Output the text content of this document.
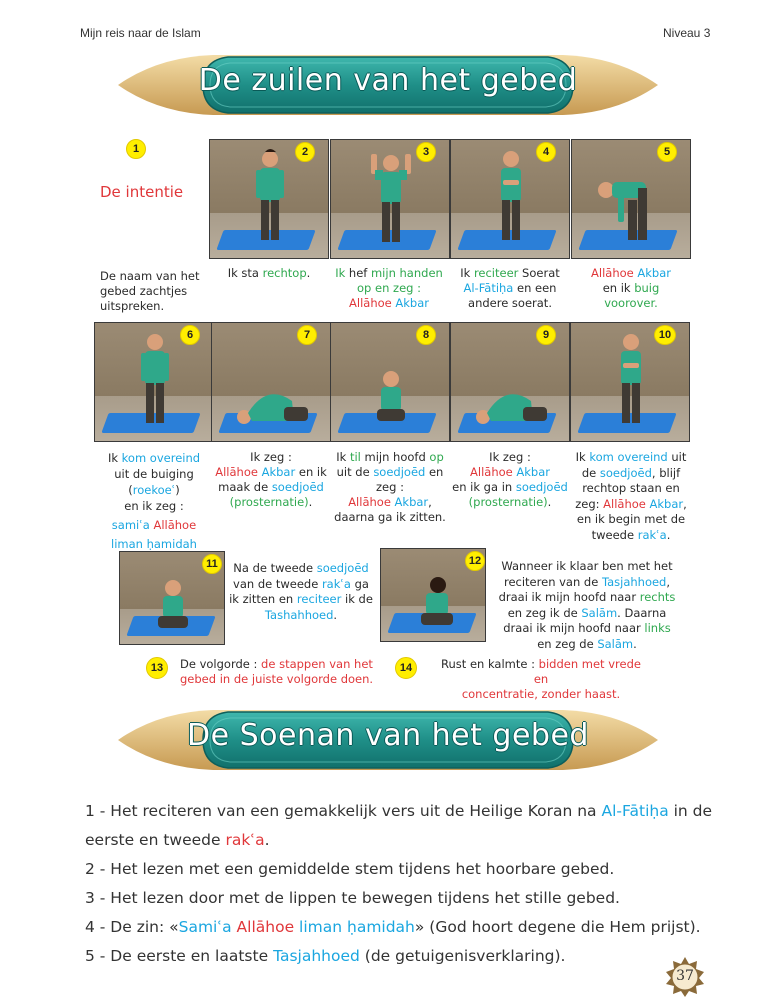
Mijn reis naar de Islam	Niveau 3
De zuilen van het gebed
1
De intentie
De naam van het
gebed zachtjes
uitspreken.
2	3	4	5
Ik sta rechtop.	Ik hef mijn handen
op en zeg :
Allāhoe Akbar
Ik reciteer Soerat
Al-Fātiḥa en een
andere soerat.
Allāhoe Akbar
en ik buig
voorover.
6	7	8	9	10
Ik kom overeind
uit de buiging
(roekoeʿ)
en ik zeg :
samiʿa Allāhoe
liman ḥamidah
Ik zeg :
Allāhoe Akbar en ik
maak de soedjoēd
(prosternatie).
Ik til mijn hoofd op
uit de soedjoēd en
zeg :
Allāhoe Akbar,
daarna ga ik zitten.
Ik zeg :
Allāhoe Akbar
en ik ga in soedjoēd
(prosternatie).
Ik kom overeind uit
de soedjoēd, blijf
rechtop staan en
zeg: Allāhoe Akbar,
en ik begin met de
tweede rakʿa.
11	12
Na de tweede soedjoēd
van de tweede rakʿa ga
ik zitten en reciteer ik de
Tashahhoed.
Wanneer ik klaar ben met het
reciteren van de Tasjahhoed,
draai ik mijn hoofd naar rechts
en zeg ik de Salām. Daarna
draai ik mijn hoofd naar links
en zeg de Salām.
13	De volgorde : de stappen van het
gebed in de juiste volgorde doen.
14	Rust en kalmte : bidden met vrede en
concentratie, zonder haast.
De Soenan van het gebed
1 - Het reciteren van een gemakkelijk vers uit de Heilige Koran na Al-Fātiḥa in de
eerste en tweede rakʿa.
2 - Het lezen met een gemiddelde stem tijdens het hoorbare gebed.
3 - Het lezen door met de lippen te bewegen tijdens het stille gebed.
4 - De zin: «Samiʿa Allāhoe liman ḥamidah» (God hoort degene die Hem prijst).
5 - De eerste en laatste Tasjahhoed (de getuigenisverklaring).
37
